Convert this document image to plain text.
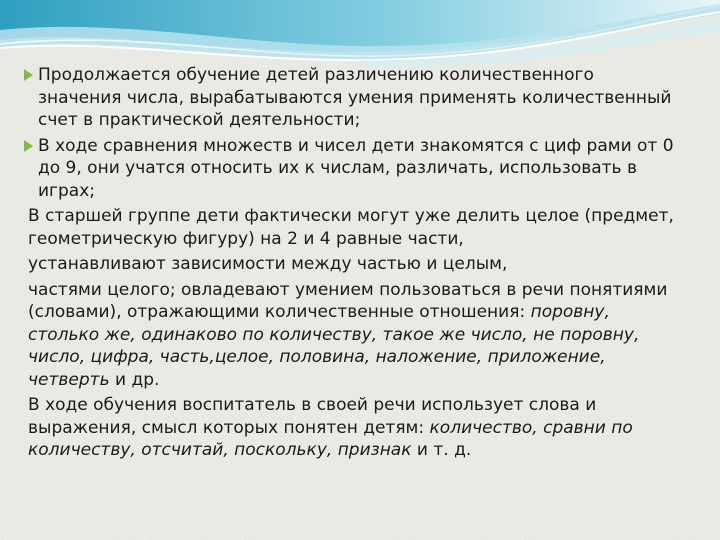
Продолжается обучение детей различению количественного значения числа, вырабатываются умения применять количественный счет в практической деятельности;
В ходе сравнения множеств и чисел дети знакомятся с циф рами от 0 до 9, они учатся относить их к числам, различать, использовать в играх;
В старшей группе дети фактически могут уже делить целое (предмет, геометрическую фигуру) на 2 и 4 равные части,
устанавливают зависимости между частью и целым,
частями целого; овладевают умением пользоваться в речи понятиями (словами), отражающими количественные отношения: поровну, столько же, одинаково по количеству, такое же число, не поровну, число, цифра, часть,целое, половина, наложение, приложение, четверть и др.
В ходе обучения воспитатель в своей речи использует слова и выражения, смысл которых понятен детям: количество, сравни по количеству, отсчитай, поскольку, признак и т. д.
